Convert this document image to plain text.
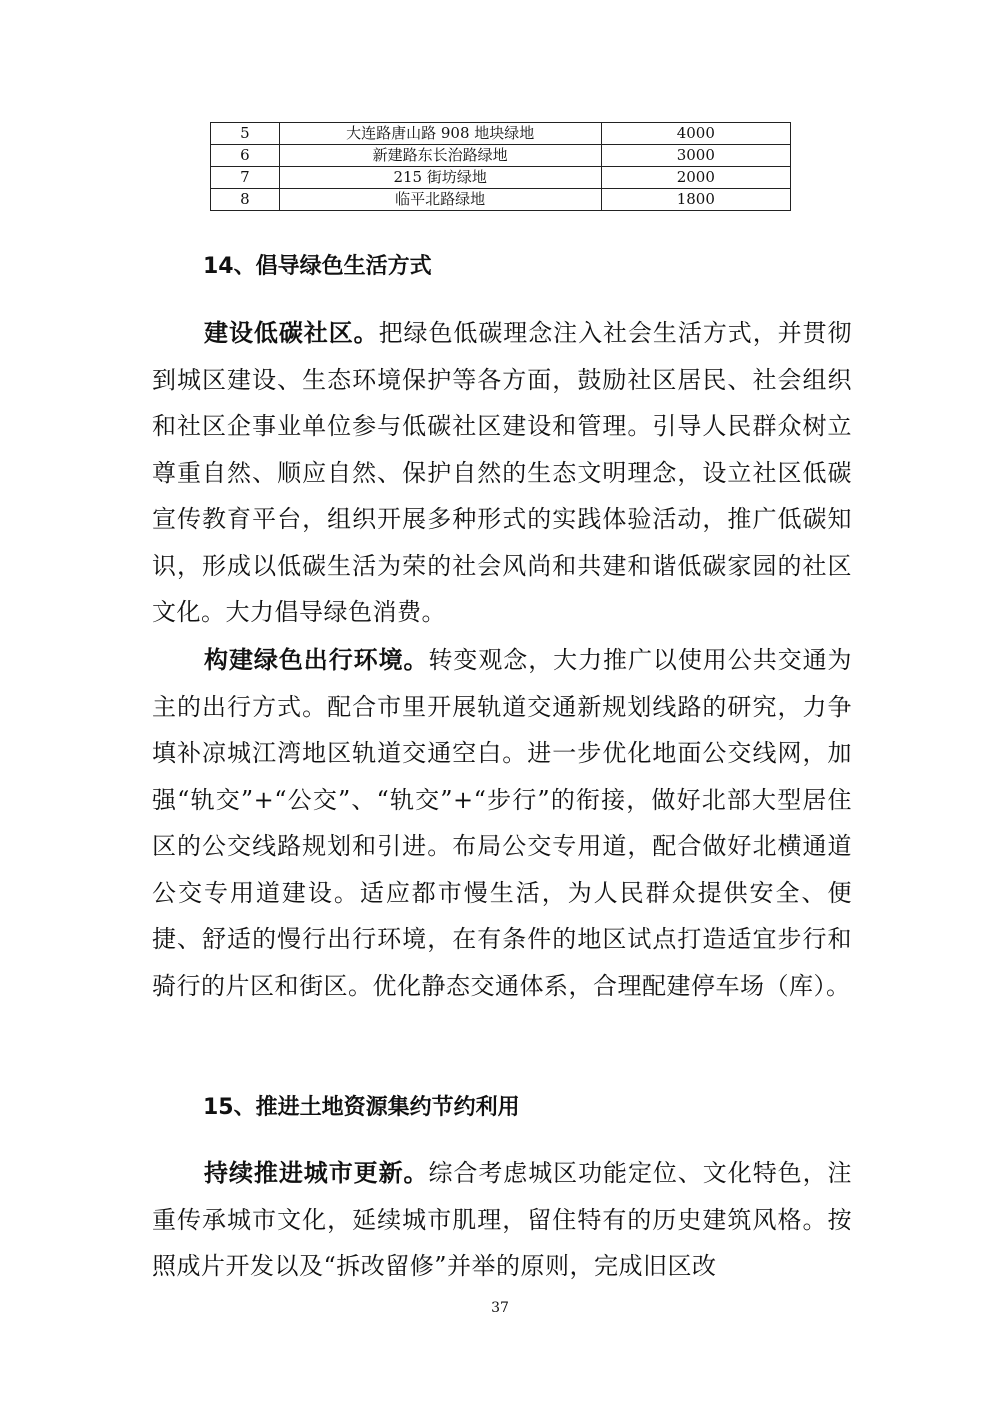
5	大连路唐山路 908 地块绿地	4000
6	新建路东长治路绿地	3000
7	215 街坊绿地	2000
8	临平北路绿地	1800
14、倡导绿色生活方式
建设低碳社区。把绿色低碳理念注入社会生活方式，并贯彻到城区建设、生态环境保护等各方面，鼓励社区居民、社会组织和社区企事业单位参与低碳社区建设和管理。引导人民群众树立尊重自然、顺应自然、保护自然的生态文明理念，设立社区低碳宣传教育平台，组织开展多种形式的实践体验活动，推广低碳知识，形成以低碳生活为荣的社会风尚和共建和谐低碳家园的社区文化。大力倡导绿色消费。
构建绿色出行环境。转变观念，大力推广以使用公共交通为主的出行方式。配合市里开展轨道交通新规划线路的研究，力争填补凉城江湾地区轨道交通空白。进一步优化地面公交线网，加强“轨交”+“公交”、“轨交”+“步行”的衔接，做好北部大型居住区的公交线路规划和引进。布局公交专用道，配合做好北横通道公交专用道建设。适应都市慢生活，为人民群众提供安全、便捷、舒适的慢行出行环境，在有条件的地区试点打造适宜步行和骑行的片区和街区。优化静态交通体系，合理配建停车场（库）。
15、推进土地资源集约节约利用
持续推进城市更新。综合考虑城区功能定位、文化特色，注重传承城市文化，延续城市肌理，留住特有的历史建筑风格。按照成片开发以及“拆改留修”并举的原则，完成旧区改
37
